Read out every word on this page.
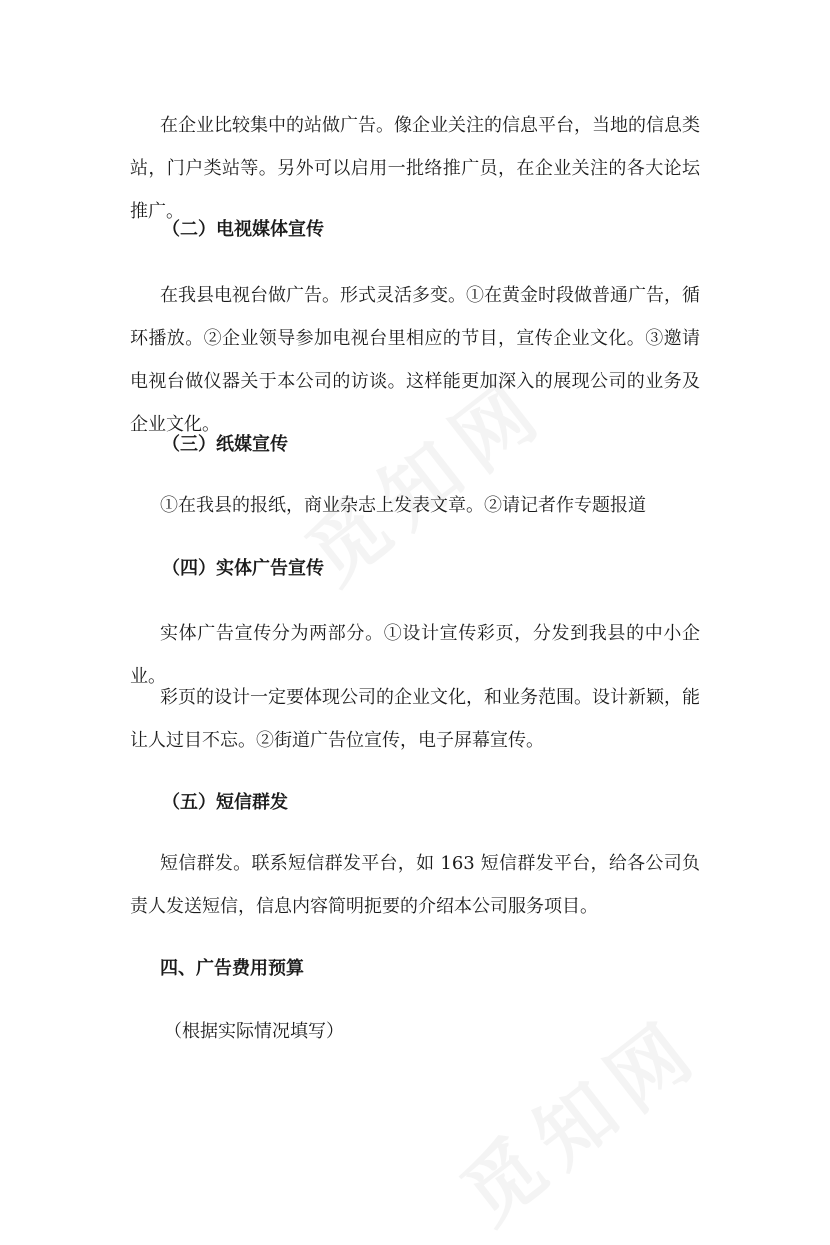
在企业比较集中的站做广告。像企业关注的信息平台，当地的信息类站，门户类站等。另外可以启用一批络推广员，在企业关注的各大论坛推广。

（二）电视媒体宣传

在我县电视台做广告。形式灵活多变。①在黄金时段做普通广告，循环播放。②企业领导参加电视台里相应的节目，宣传企业文化。③邀请电视台做仪器关于本公司的访谈。这样能更加深入的展现公司的业务及企业文化。

（三）纸媒宣传

①在我县的报纸，商业杂志上发表文章。②请记者作专题报道

（四）实体广告宣传

实体广告宣传分为两部分。①设计宣传彩页，分发到我县的中小企业。

彩页的设计一定要体现公司的企业文化，和业务范围。设计新颖，能让人过目不忘。②街道广告位宣传，电子屏幕宣传。

（五）短信群发

短信群发。联系短信群发平台，如 163 短信群发平台，给各公司负责人发送短信，信息内容简明扼要的介绍本公司服务项目。

四、广告费用预算

（根据实际情况填写）
